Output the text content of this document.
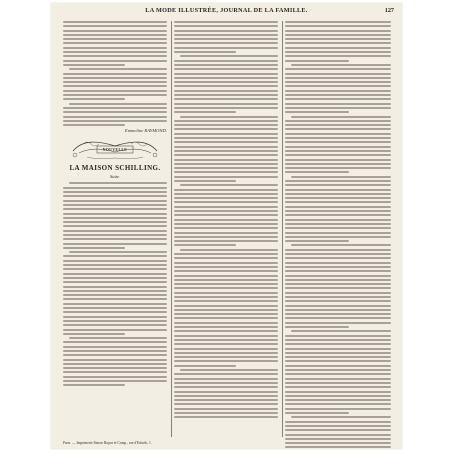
LA MODE ILLUSTRÉE, JOURNAL DE LA FAMILLE.	127
Emmeline RAYMOND.
NOUVELLE
LA MAISON SCHILLING.
Suite.
Paris. — Imprimerie Simon Raçon et Comp., rue d'Erfurth, 1.
